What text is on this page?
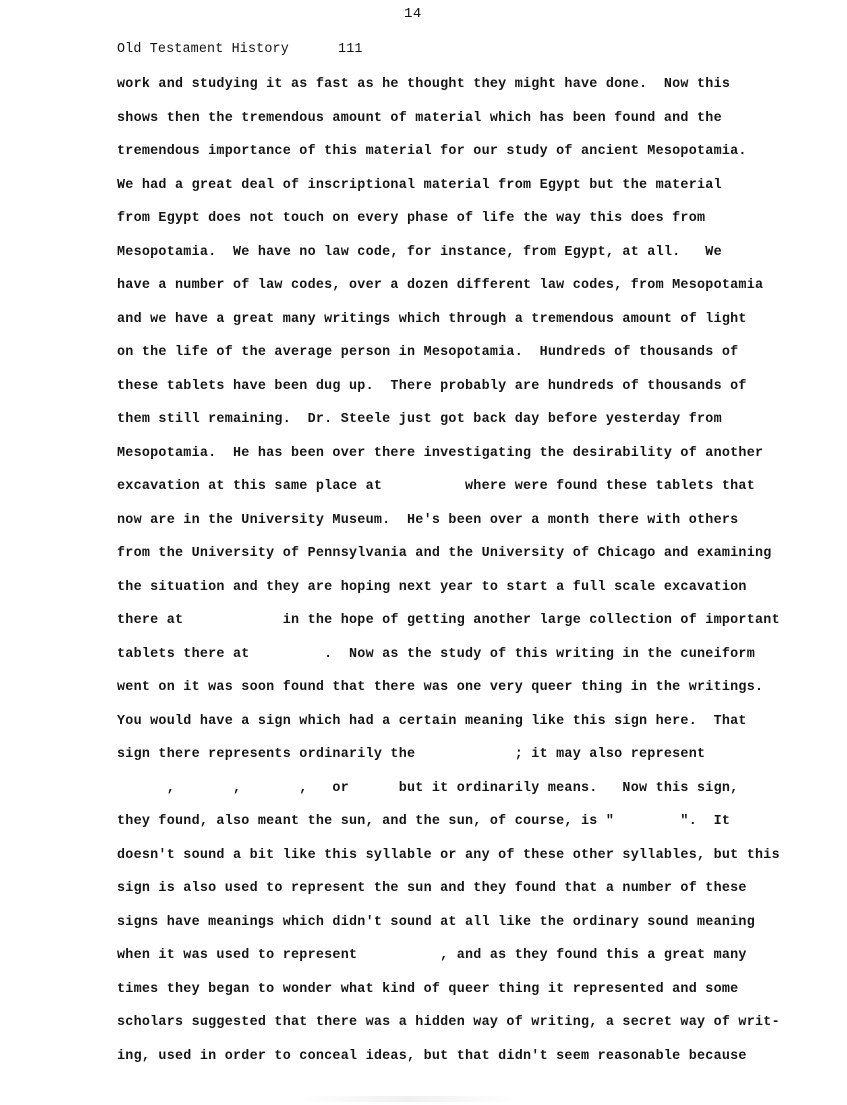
14
Old Testament History      111
work and studying it as fast as he thought they might have done.  Now this
shows then the tremendous amount of material which has been found and the
tremendous importance of this material for our study of ancient Mesopotamia.
We had a great deal of inscriptional material from Egypt but the material
from Egypt does not touch on every phase of life the way this does from
Mesopotamia.  We have no law code, for instance, from Egypt, at all.   We
have a number of law codes, over a dozen different law codes, from Mesopotamia
and we have a great many writings which through a tremendous amount of light
on the life of the average person in Mesopotamia.  Hundreds of thousands of
these tablets have been dug up.  There probably are hundreds of thousands of
them still remaining.  Dr. Steele just got back day before yesterday from
Mesopotamia.  He has been over there investigating the desirability of another
excavation at this same place at          where were found these tablets that
now are in the University Museum.  He's been over a month there with others
from the University of Pennsylvania and the University of Chicago and examining
the situation and they are hoping next year to start a full scale excavation
there at            in the hope of getting another large collection of important
tablets there at         .  Now as the study of this writing in the cuneiform
went on it was soon found that there was one very queer thing in the writings.
You would have a sign which had a certain meaning like this sign here.  That
sign there represents ordinarily the            ; it may also represent
,       ,       ,   or      but it ordinarily means.   Now this sign,
they found, also meant the sun, and the sun, of course, is "        ".  It
doesn't sound a bit like this syllable or any of these other syllables, but this
sign is also used to represent the sun and they found that a number of these
signs have meanings which didn't sound at all like the ordinary sound meaning
when it was used to represent          , and as they found this a great many
times they began to wonder what kind of queer thing it represented and some
scholars suggested that there was a hidden way of writing, a secret way of writ-
ing, used in order to conceal ideas, but that didn't seem reasonable because
